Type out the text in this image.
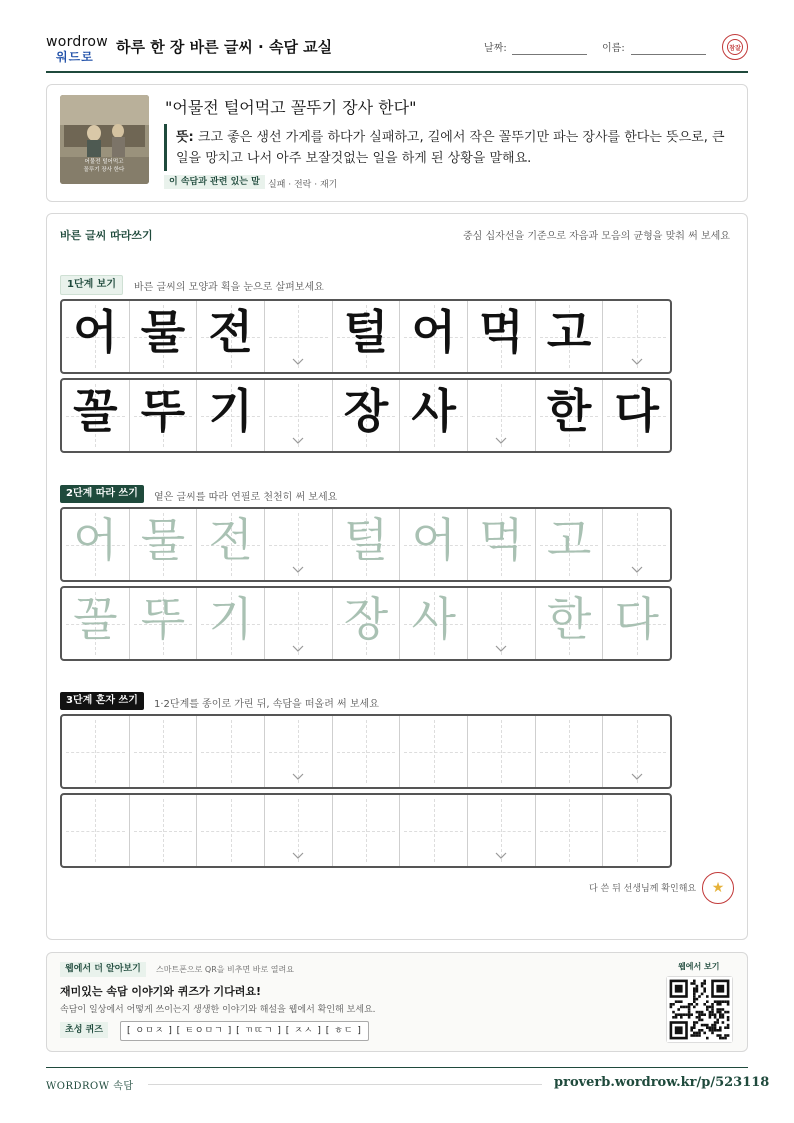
wordrow
워드로
하루 한 장 바른 글씨 · 속담 교실	날짜:	이름:	참잘
어물전 털어먹고
꼴뚜기 장사 한다
"어물전 털어먹고 꼴뚜기 장사 한다"
뜻: 크고 좋은 생선 가게를 하다가 실패하고, 길에서 작은 꼴뚜기만 파는 장사를 한다는 뜻으로, 큰일을 망치고 나서 아주 보잘것없는 일을 하게 된 상황을 말해요.
이 속담과 관련 있는 말 실패 · 전락 · 재기
바른 글씨 따라쓰기	중심 십자선을 기준으로 자음과 모음의 균형을 맞춰 써 보세요
1단계 보기	바른 글씨의 모양과 획을 눈으로 살펴보세요
어 물 전 털 어 먹 고
꼴 뚜 기 장 사 한 다
2단계 따라 쓰기	옅은 글씨를 따라 연필로 천천히 써 보세요
어 물 전 털 어 먹 고
꼴 뚜 기 장 사 한 다
3단계 혼자 쓰기	1·2단계를 종이로 가린 뒤, 속담을 떠올려 써 보세요
다 쓴 뒤 선생님께 확인해요 ★
웹에서 더 알아보기	스마트폰으로 QR을 비추면 바로 열려요
재미있는 속담 이야기와 퀴즈가 기다려요!
속담이 일상에서 어떻게 쓰이는지 생생한 이야기와 해설을 웹에서 확인해 보세요.
초성 퀴즈	[ ㅇㅁㅈ ] [ ㅌㅇㅁㄱ ] [ ㄲㄸㄱ ] [ ㅈㅅ ] [ ㅎㄷ ]
웹에서 보기
WORDROW 속담	proverb.wordrow.kr/p/523118
